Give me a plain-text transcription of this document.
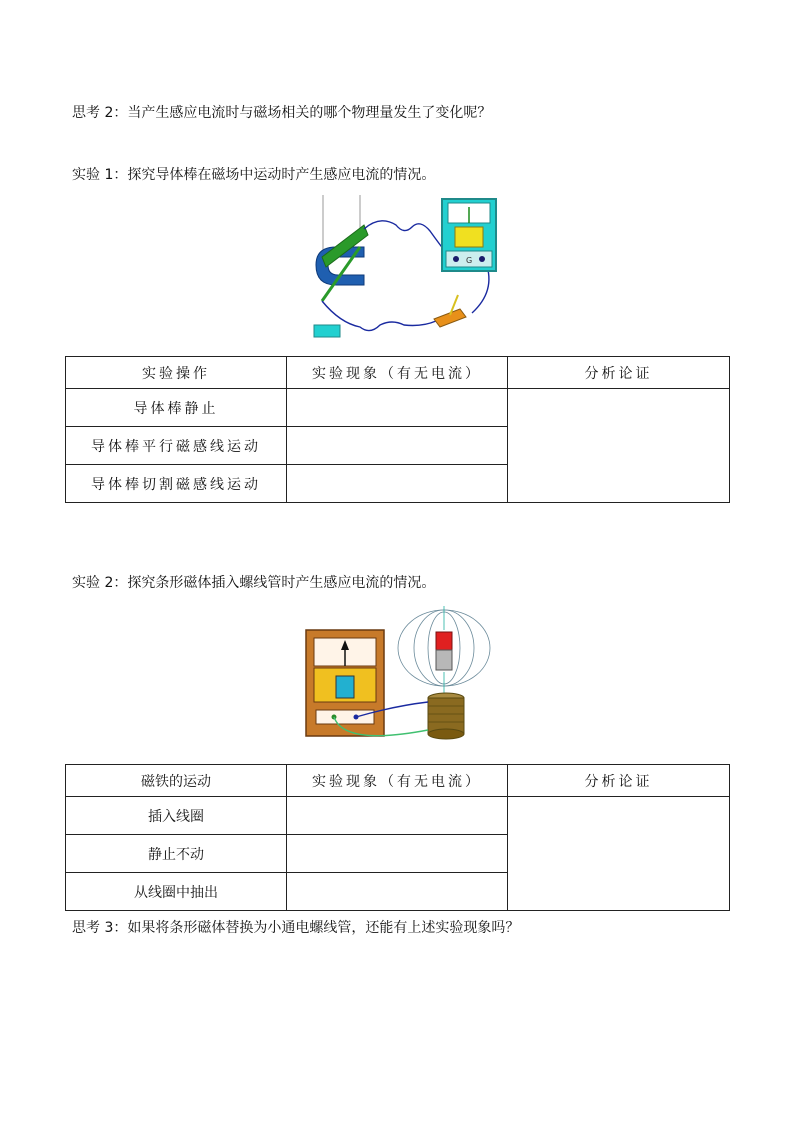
思考 2：当产生感应电流时与磁场相关的哪个物理量发生了变化呢？
实验 1：探究导体棒在磁场中运动时产生感应电流的情况。
G
实验操作	实验现象（有无电流）	分析论证
导体棒静止		
导体棒平行磁感线运动		
导体棒切割磁感线运动		
实验 2：探究条形磁体插入螺线管时产生感应电流的情况。
磁铁的运动	实验现象（有无电流）	分析论证
插入线圈		
静止不动		
从线圈中抽出		
思考 3：如果将条形磁体替换为小通电螺线管，还能有上述实验现象吗？
